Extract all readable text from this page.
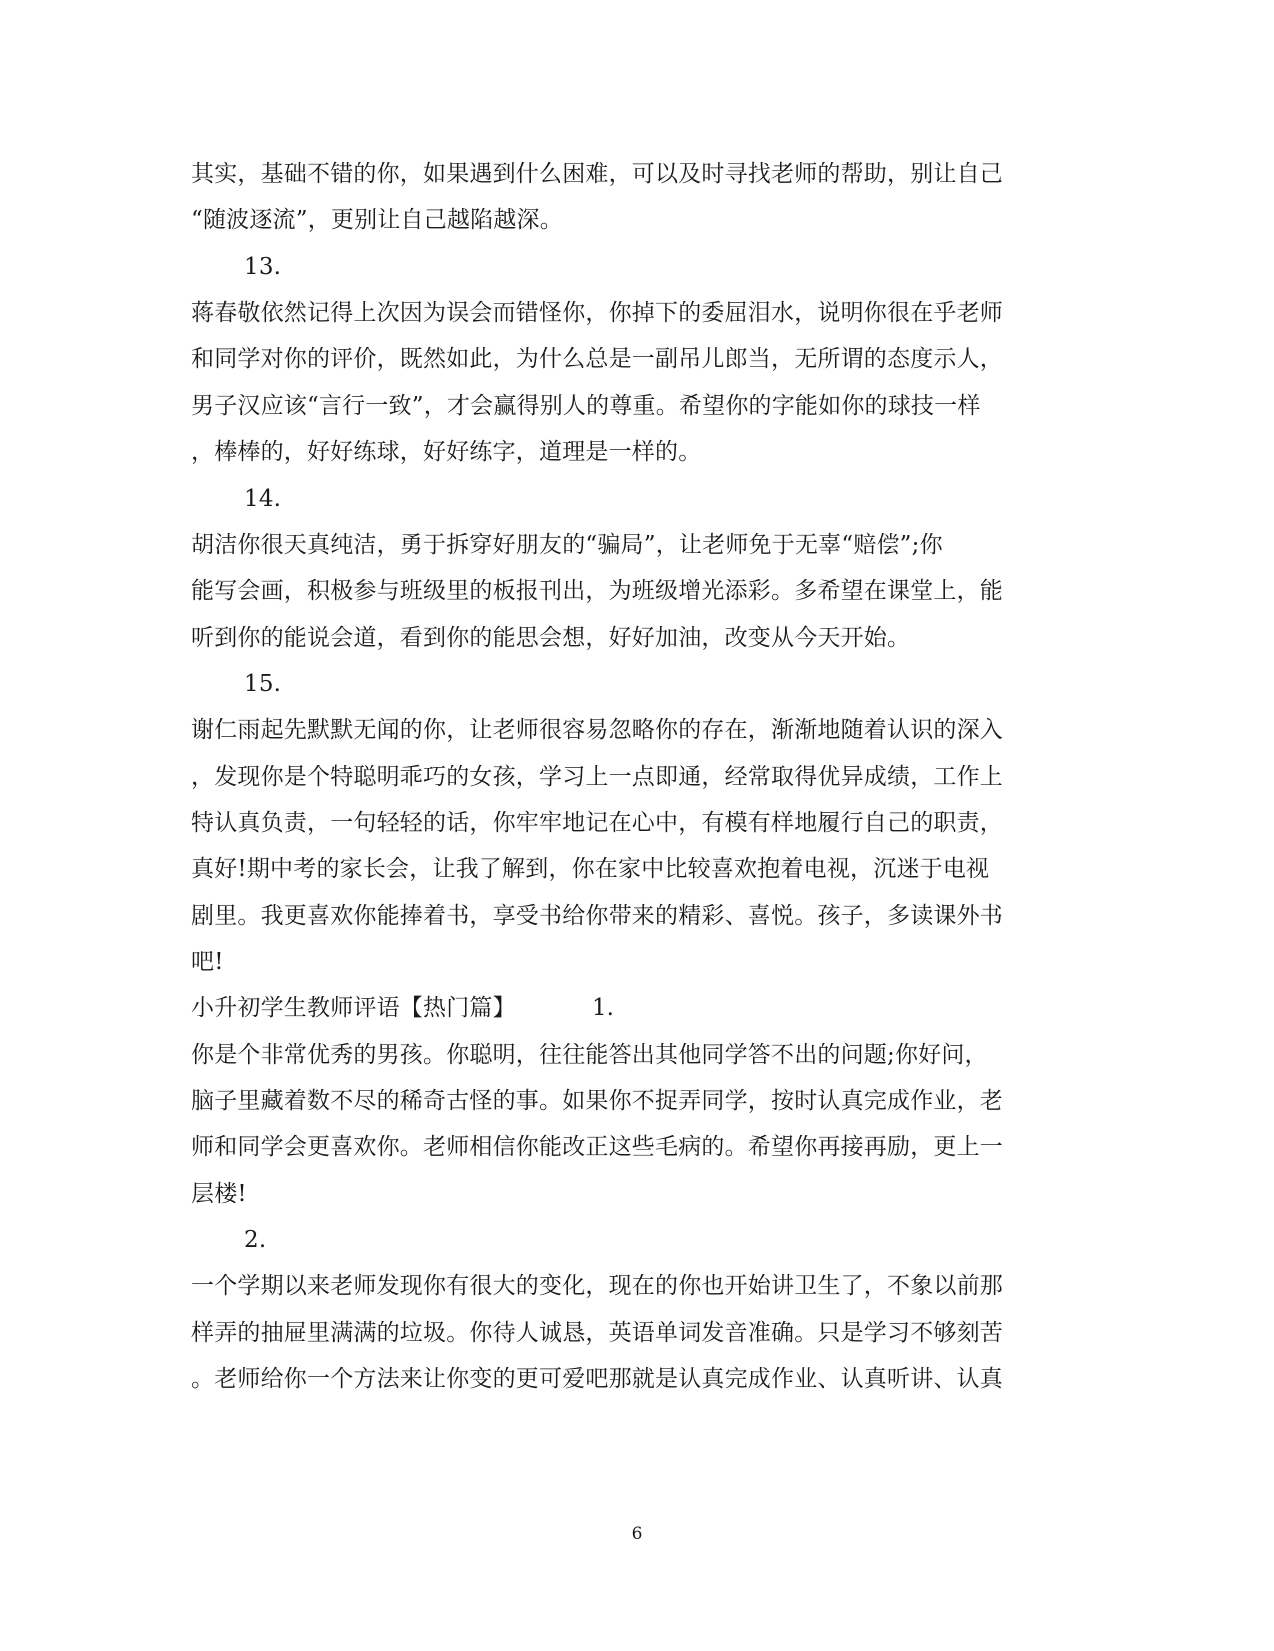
其实，基础不错的你，如果遇到什么困难，可以及时寻找老师的帮助，别让自己
“随波逐流”，更别让自己越陷越深。
13.
蒋春敬依然记得上次因为误会而错怪你，你掉下的委屈泪水，说明你很在乎老师
和同学对你的评价，既然如此，为什么总是一副吊儿郎当，无所谓的态度示人，
男子汉应该“言行一致”，才会赢得别人的尊重。希望你的字能如你的球技一样
，棒棒的，好好练球，好好练字，道理是一样的。
14.
胡洁你很天真纯洁，勇于拆穿好朋友的“骗局”，让老师免于无辜“赔偿”;你
能写会画，积极参与班级里的板报刊出，为班级增光添彩。多希望在课堂上，能
听到你的能说会道，看到你的能思会想，好好加油，改变从今天开始。
15.
谢仁雨起先默默无闻的你，让老师很容易忽略你的存在，渐渐地随着认识的深入
，发现你是个特聪明乖巧的女孩，学习上一点即通，经常取得优异成绩，工作上
特认真负责，一句轻轻的话，你牢牢地记在心中，有模有样地履行自己的职责，
真好!期中考的家长会，让我了解到，你在家中比较喜欢抱着电视，沉迷于电视
剧里。我更喜欢你能捧着书，享受书给你带来的精彩、喜悦。孩子，多读课外书
吧!
小升初学生教师评语【热门篇】	1.
你是个非常优秀的男孩。你聪明，往往能答出其他同学答不出的问题;你好问，
脑子里藏着数不尽的稀奇古怪的事。如果你不捉弄同学，按时认真完成作业，老
师和同学会更喜欢你。老师相信你能改正这些毛病的。希望你再接再励，更上一
层楼!
2.
一个学期以来老师发现你有很大的变化，现在的你也开始讲卫生了，不象以前那
样弄的抽屉里满满的垃圾。你待人诚恳，英语单词发音准确。只是学习不够刻苦
。老师给你一个方法来让你变的更可爱吧那就是认真完成作业、认真听讲、认真
6
